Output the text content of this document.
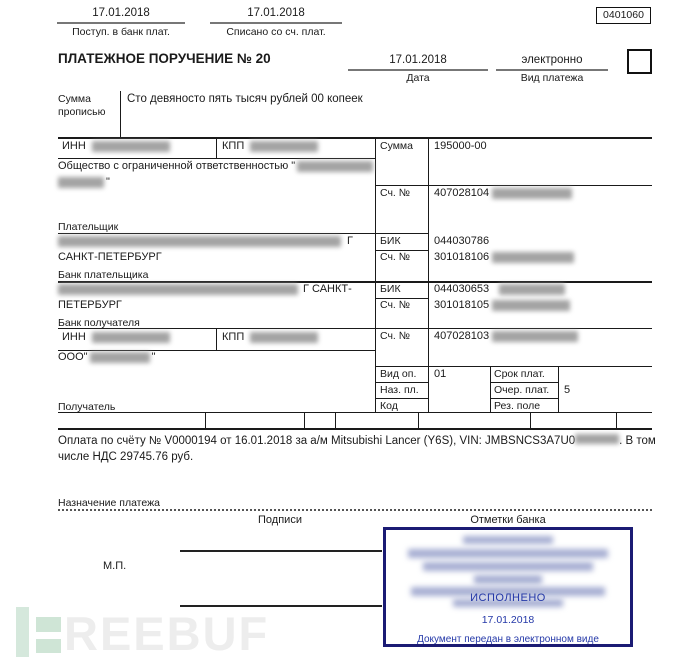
17.01.2018
Поступ. в банк плат.
17.01.2018
Списано со сч. плат.
0401060
ПЛАТЕЖНОЕ ПОРУЧЕНИЕ № 20	17.01.2018
Дата
электронно
Вид платежа
Сумма
прописью
Сто девяносто пять тысяч рублей 00 копеек
ИНН	КПП
Общество с ограниченной ответственностью "
"
Плательщик
Сумма 195000-00
Сч. № 407028104
Г
САНКТ-ПЕТЕРБУРГ
Банк плательщика
БИК	044030786
Сч. № 301018106
Г САНКТ-
ПЕТЕРБУРГ
Банк получателя
БИК	044030653
Сч. № 301018105
ИНН	КПП
ООО"	"
Получатель
Сч. № 407028103
Вид оп. 01	Срок плат.
Наз. пл.	Очер. плат. 5
Код	Рез. поле
Оплата по счёту № V0000194 от 16.01.2018 за а/м Mitsubishi Lancer (Y6S), VIN: JMBSNCS3A7U0	. В том числе НДС 29745.76 руб.
Назначение платежа
Подписи	Отметки банка
М.П.
ИСПОЛНЕНО
17.01.2018
Документ передан в электронном виде
REEBUF
